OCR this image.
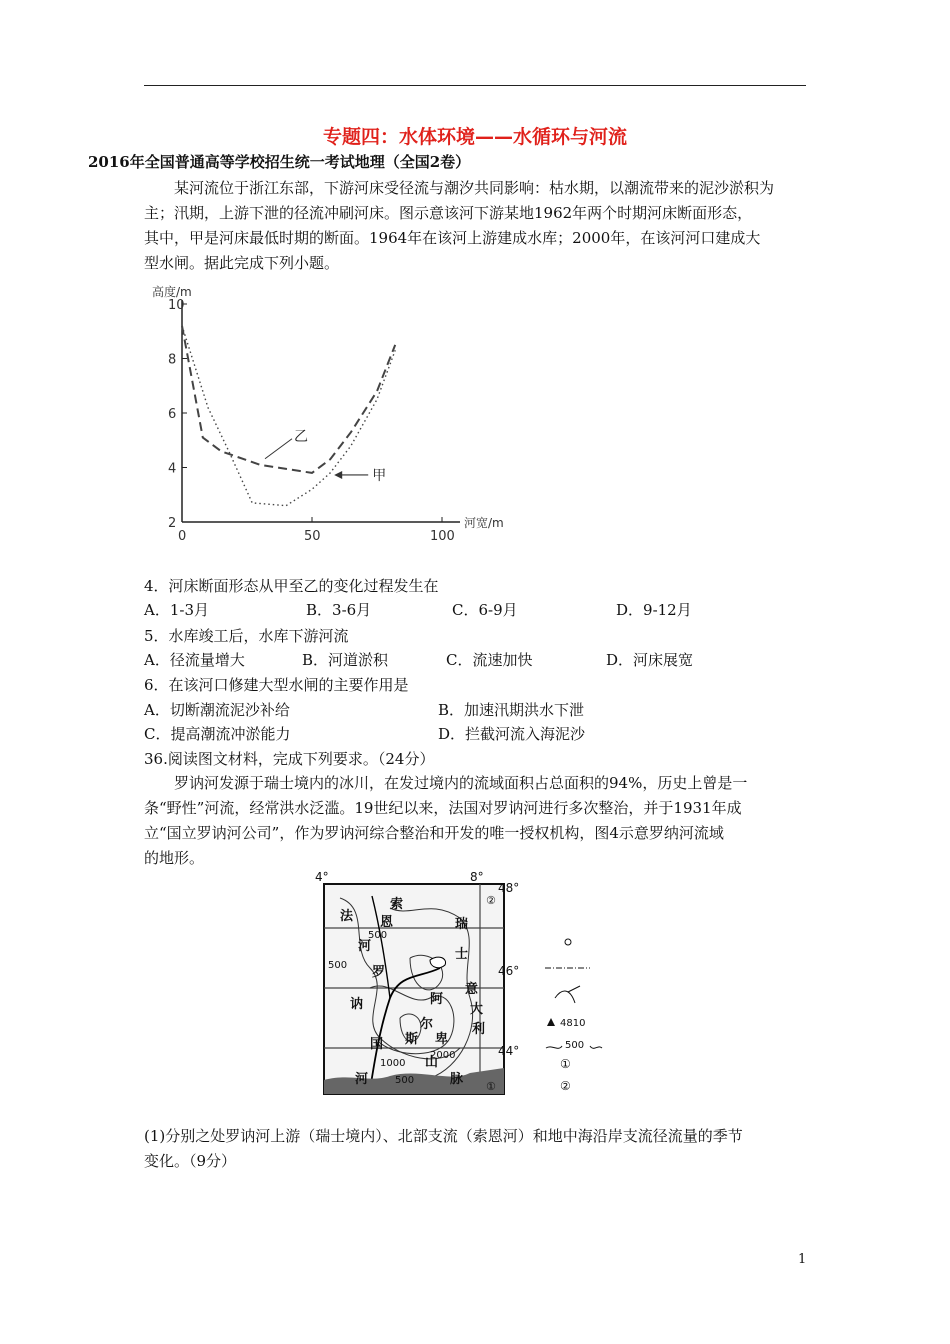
专题四：水体环境——水循环与河流
2016年全国普通高等学校招生统一考试地理（全国2卷）
某河流位于浙江东部，下游河床受径流与潮汐共同影响：枯水期，以潮流带来的泥沙淤积为
主；汛期，上游下泄的径流冲刷河床。图示意该河下游某地1962年两个时期河床断面形态，
其中，甲是河床最低时期的断面。1964年在该河上游建成水库；2000年，在该河河口建成大
型水闸。据此完成下列小题。
2
4
6
8
10
0	50	100
高度/m
河宽/m
乙
甲
4．河床断面形态从甲至乙的变化过程发生在
A．1-3月	B．3-6月	C．6-9月	D．9-12月
5．水库竣工后，水库下游河流
A．径流量增大	B．河道淤积	C．流速加快	D．河床展宽
6．在该河口修建大型水闸的主要作用是
A．切断潮流泥沙补给	B．加速汛期洪水下泄
C．提高潮流冲淤能力	D．拦截河流入海泥沙
36.阅读图文材料，完成下列要求。（24分）
罗讷河发源于瑞士境内的冰川，在发过境内的流域面积占总面积的94%，历史上曾是一
条“野性”河流，经常洪水泛滥。19世纪以来，法国对罗讷河进行多次整治，并于1931年成
立“国立罗讷河公司”，作为罗讷河综合整治和开发的唯一授权机构，图4示意罗纳河流域
的地形。
4°	8°
48°
46°
44°
法
国
索
恩
河
瑞
士
阿
尔
卑
斯
山
脉
意
大
利
罗
讷
河
500
1000
500
2000
500	①
②
4810
500
①
②
(1)分别之处罗讷河上游（瑞士境内）、北部支流（索恩河）和地中海沿岸支流径流量的季节
变化。（9分）
1
